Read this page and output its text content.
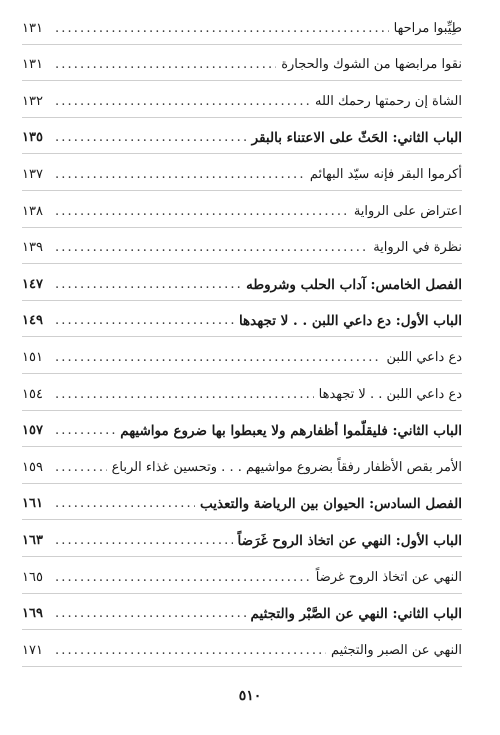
طِيِّبوا مراحها
. . .
١٣١
نقوا مرابضها من الشوك والحجارة
. . .
١٣١
الشاة إن رحمتها رحمك الله
. . .
١٣٢
الباب الثاني: الحَثّ على الاعتناء بالبقر
. . .
١٣٥
أكرموا البقر فإنه سيّد البهائم
. . .
١٣٧
اعتراض على الرواية
. . .
١٣٨
نظرة في الرواية
. . .
١٣٩
الفصل الخامس: آداب الحلب وشروطه
. . .
١٤٧
الباب الأول: دع داعي اللبن . . لا تجهدها
. . .
١٤٩
دع داعي اللبن
. . .
١٥١
دع داعي اللبن . . لا تجهدها
. . .
١٥٤
الباب الثاني: فليقلّموا أظفارهم ولا يعبطوا بها ضروع مواشيهم
. . .
١٥٧
الأمر بقص الأظفار رفقاً بضروع مواشيهم . . . وتحسين غذاء الرباع
. . .
١٥٩
الفصل السادس: الحيوان بين الرياضة والتعذيب
. . .
١٦١
الباب الأول: النهي عن اتخاذ الروح غَرَضاً
. . .
١٦٣
النهي عن اتخاذ الروح غرضاً
. . .
١٦٥
الباب الثاني: النهي عن الصَّبْر والتجثيم
. . .
١٦٩
النهي عن الصبر والتجثيم
. . .
١٧١
٥١٠
